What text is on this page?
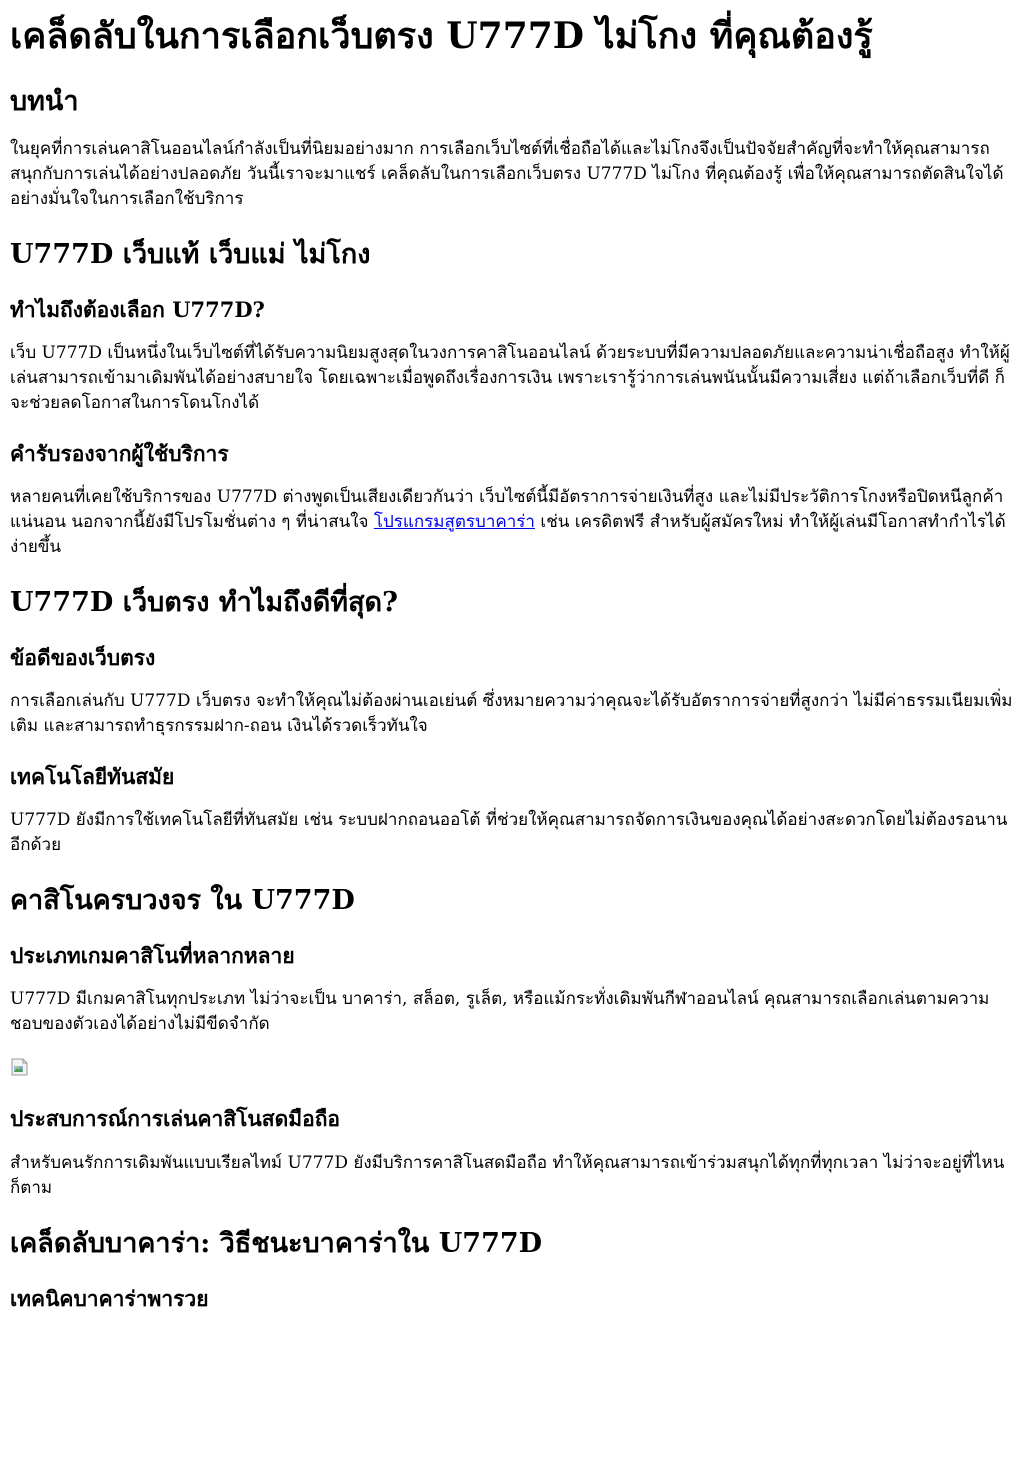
เคล็ดลับในการเลือกเว็บตรง U777D ไม่โกง ที่คุณต้องรู้
บทนำ

ในยุคที่การเล่นคาสิโนออนไลน์กำลังเป็นที่นิยมอย่างมาก การเลือกเว็บไซต์ที่เชื่อถือได้และไม่โกงจึงเป็นปัจจัยสำคัญที่จะทำให้คุณสามารถสนุกกับการเล่นได้อย่างปลอดภัย วันนี้เราจะมาแชร์ เคล็ดลับในการเลือกเว็บตรง U777D ไม่โกง ที่คุณต้องรู้ เพื่อให้คุณสามารถตัดสินใจได้อย่างมั่นใจในการเลือกใช้บริการ

U777D เว็บแท้ เว็บแม่ ไม่โกง
ทำไมถึงต้องเลือก U777D?

เว็บ U777D เป็นหนึ่งในเว็บไซต์ที่ได้รับความนิยมสูงสุดในวงการคาสิโนออนไลน์ ด้วยระบบที่มีความปลอดภัยและความน่าเชื่อถือสูง ทำให้ผู้เล่นสามารถเข้ามาเดิมพันได้อย่างสบายใจ โดยเฉพาะเมื่อพูดถึงเรื่องการเงิน เพราะเรารู้ว่าการเล่นพนันนั้นมีความเสี่ยง แต่ถ้าเลือกเว็บที่ดี ก็จะช่วยลดโอกาสในการโดนโกงได้

คำรับรองจากผู้ใช้บริการ

หลายคนที่เคยใช้บริการของ U777D ต่างพูดเป็นเสียงเดียวกันว่า เว็บไซต์นี้มีอัตราการจ่ายเงินที่สูง และไม่มีประวัติการโกงหรือปิดหนีลูกค้าแน่นอน นอกจากนี้ยังมีโปรโมชั่นต่าง ๆ ที่น่าสนใจ โปรแกรมสูตรบาคาร่า เช่น เครดิตฟรี สำหรับผู้สมัครใหม่ ทำให้ผู้เล่นมีโอกาสทำกำไรได้ง่ายขึ้น

U777D เว็บตรง ทำไมถึงดีที่สุด?
ข้อดีของเว็บตรง

การเลือกเล่นกับ U777D เว็บตรง จะทำให้คุณไม่ต้องผ่านเอเย่นต์ ซึ่งหมายความว่าคุณจะได้รับอัตราการจ่ายที่สูงกว่า ไม่มีค่าธรรมเนียมเพิ่มเติม และสามารถทำธุรกรรมฝาก-ถอน เงินได้รวดเร็วทันใจ

เทคโนโลยีทันสมัย

U777D ยังมีการใช้เทคโนโลยีที่ทันสมัย เช่น ระบบฝากถอนออโต้ ที่ช่วยให้คุณสามารถจัดการเงินของคุณได้อย่างสะดวกโดยไม่ต้องรอนานอีกด้วย

คาสิโนครบวงจร ใน U777D
ประเภทเกมคาสิโนที่หลากหลาย

U777D มีเกมคาสิโนทุกประเภท ไม่ว่าจะเป็น บาคาร่า, สล็อต, รูเล็ต, หรือแม้กระทั่งเดิมพันกีฬาออนไลน์ คุณสามารถเลือกเล่นตามความชอบของตัวเองได้อย่างไม่มีขีดจำกัด

ประสบการณ์การเล่นคาสิโนสดมือถือ

สำหรับคนรักการเดิมพันแบบเรียลไทม์ U777D ยังมีบริการคาสิโนสดมือถือ ทำให้คุณสามารถเข้าร่วมสนุกได้ทุกที่ทุกเวลา ไม่ว่าจะอยู่ที่ไหนก็ตาม

เคล็ดลับบาคาร่า: วิธีชนะบาคาร่าใน U777D
เทคนิคบาคาร่าพารวย
